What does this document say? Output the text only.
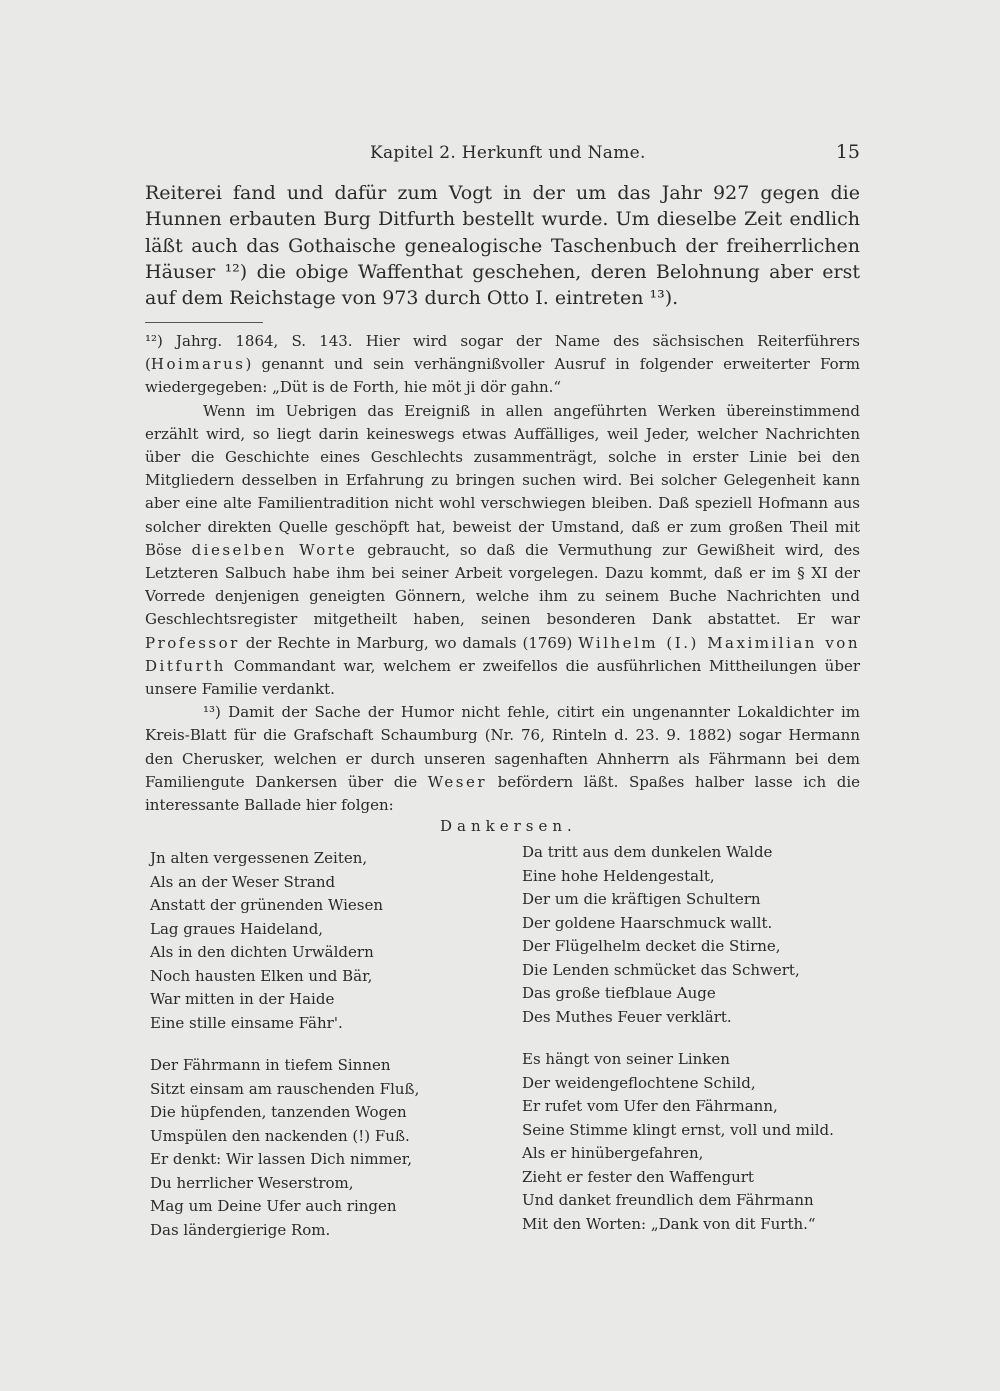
Kapitel 2. Herkunft und Name.	15

Reiterei fand und dafür zum Vogt in der um das Jahr 927 gegen die Hunnen erbauten Burg Ditfurth bestellt wurde. Um dieselbe Zeit endlich läßt auch das Gothaische genealogische Taschenbuch der freiherrlichen Häuser ¹²) die obige Waffenthat geschehen, deren Belohnung aber erst auf dem Reichstage von 973 durch Otto I. eintreten ¹³).

¹²) Jahrg. 1864, S. 143. Hier wird sogar der Name des sächsischen Reiterführers (Hoimarus) genannt und sein verhängnißvoller Ausruf in folgender erweiterter Form wiedergegeben: „Düt is de Forth, hie möt ji dör gahn.“

Wenn im Uebrigen das Ereigniß in allen angeführten Werken übereinstimmend erzählt wird, so liegt darin keineswegs etwas Auffälliges, weil Jeder, welcher Nachrichten über die Geschichte eines Geschlechts zusammenträgt, solche in erster Linie bei den Mitgliedern desselben in Erfahrung zu bringen suchen wird. Bei solcher Gelegenheit kann aber eine alte Familientradition nicht wohl verschwiegen bleiben. Daß speziell Hofmann aus solcher direkten Quelle geschöpft hat, beweist der Umstand, daß er zum großen Theil mit Böse dieselben Worte gebraucht, so daß die Vermuthung zur Gewißheit wird, des Letzteren Salbuch habe ihm bei seiner Arbeit vorgelegen. Dazu kommt, daß er im § XI der Vorrede denjenigen geneigten Gönnern, welche ihm zu seinem Buche Nachrichten und Geschlechtsregister mitgetheilt haben, seinen besonderen Dank abstattet. Er war Professor der Rechte in Marburg, wo damals (1769) Wilhelm (I.) Maximilian von Ditfurth Commandant war, welchem er zweifellos die ausführlichen Mittheilungen über unsere Familie verdankt.

¹³) Damit der Sache der Humor nicht fehle, citirt ein ungenannter Lokaldichter im Kreis-Blatt für die Grafschaft Schaumburg (Nr. 76, Rinteln d. 23. 9. 1882) sogar Hermann den Cherusker, welchen er durch unseren sagenhaften Ahnherrn als Fährmann bei dem Familiengute Dankersen über die Weser befördern läßt. Spaßes halber lasse ich die interessante Ballade hier folgen:

Dankersen.
Jn alten vergessenen Zeiten,
Als an der Weser Strand
Anstatt der grünenden Wiesen
Lag graues Haideland,
Als in den dichten Urwäldern
Noch hausten Elken und Bär,
War mitten in der Haide
Eine stille einsame Fähr'.
Der Fährmann in tiefem Sinnen
Sitzt einsam am rauschenden Fluß,
Die hüpfenden, tanzenden Wogen
Umspülen den nackenden (!) Fuß.
Er denkt: Wir lassen Dich nimmer,
Du herrlicher Weserstrom,
Mag um Deine Ufer auch ringen
Das ländergierige Rom.
Da tritt aus dem dunkelen Walde
Eine hohe Heldengestalt,
Der um die kräftigen Schultern
Der goldene Haarschmuck wallt.
Der Flügelhelm decket die Stirne,
Die Lenden schmücket das Schwert,
Das große tiefblaue Auge
Des Muthes Feuer verklärt.
Es hängt von seiner Linken
Der weidengeflochtene Schild,
Er rufet vom Ufer den Fährmann,
Seine Stimme klingt ernst, voll und mild.
Als er hinübergefahren,
Zieht er fester den Waffengurt
Und danket freundlich dem Fährmann
Mit den Worten: „Dank von dit Furth.“
